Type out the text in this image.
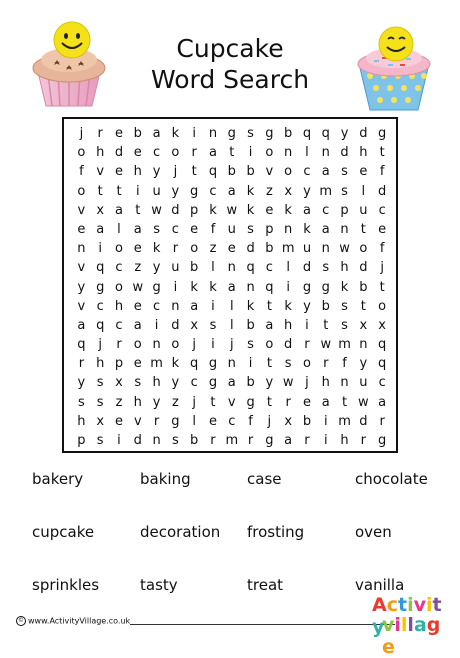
Cupcake
Word Search
j	r e b a k	i n g s g b q q y d g
o h d e c o r a t	i	o n l n d h t
f v e h y	j	t q b b v o c a s e f
o t	t	i u y g c a k z x y m s	l d
v x a t w d p k w k e k a c p u c
e a	l	a s c e f u s p n k a n t e
n i	o e k r o z e d b m u n w o f
v q c z y u b l n q c	l d s h d j
y g o w g i	k k a n q i g g k b t
v c h e c n a	i	l	k t k y b s t o
a q c a	i d x s	l b a h i	t s x x
q j	r o n o	j	i	j	s o d r w m n q
r h p e m k q g n i	t s o r	f y q
y s x s h y c g a b y w j h n u c
s s z h y z	j	t v g t	r e a t w a
h x e v r g l e c f	j	x b i m d r
p s	i d n s b r m r g a r	i h r g
bakery	baking	case	chocolate
cupcake	decoration frosting	oven
sprinkles	tasty	treat	vanilla
© www.ActivityVillage.co.uk
Activity
village
